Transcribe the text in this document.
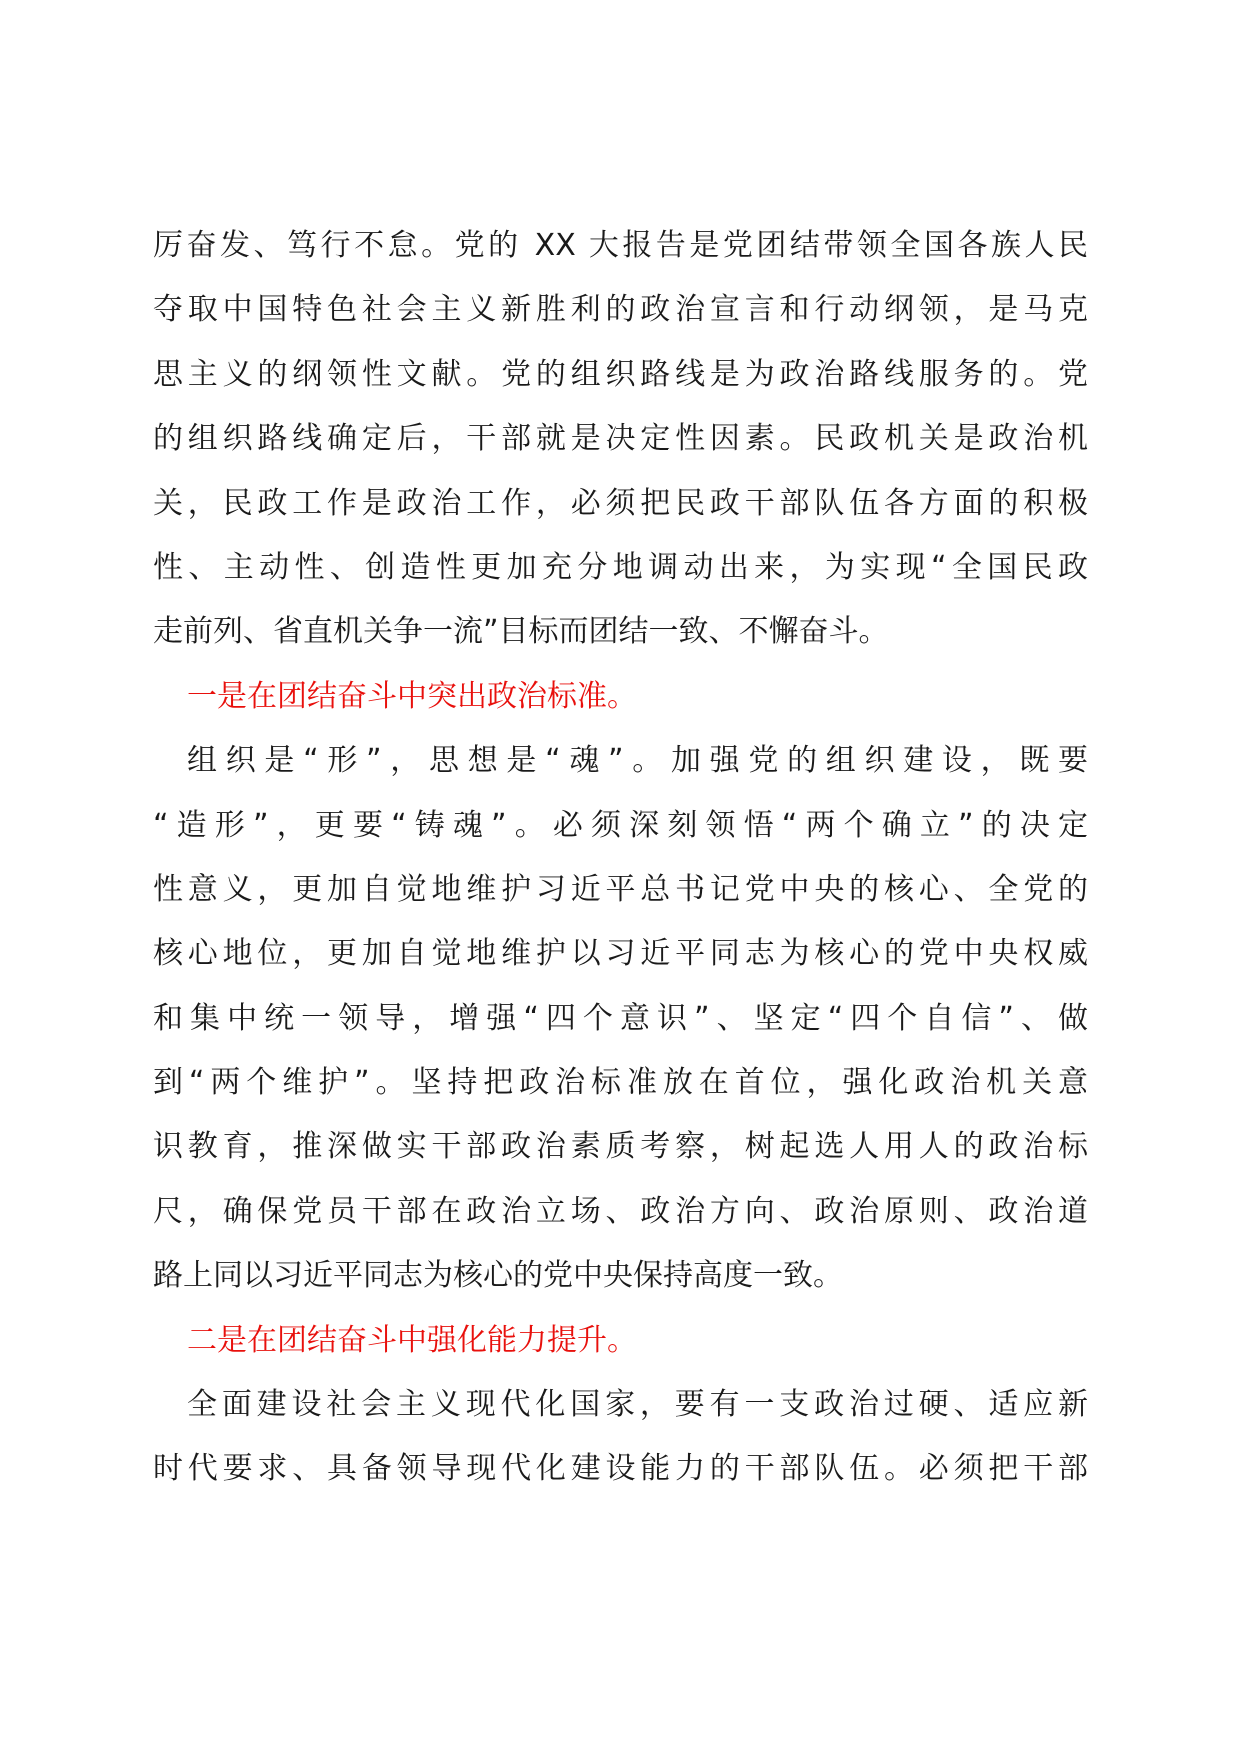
厉奋发、笃行不怠。党的 XX 大报告是党团结带领全国各族人民
夺取中国特色社会主义新胜利的政治宣言和行动纲领，是马克
思主义的纲领性文献。党的组织路线是为政治路线服务的。党
的组织路线确定后，干部就是决定性因素。民政机关是政治机
关，民政工作是政治工作，必须把民政干部队伍各方面的积极
性、主动性、创造性更加充分地调动出来，为实现“全国民政
走前列、省直机关争一流”目标而团结一致、不懈奋斗。
一是在团结奋斗中突出政治标准。
组织是“形”，思想是“魂”。加强党的组织建设，既要
“造形”，更要“铸魂”。必须深刻领悟“两个确立”的决定
性意义，更加自觉地维护习近平总书记党中央的核心、全党的
核心地位，更加自觉地维护以习近平同志为核心的党中央权威
和集中统一领导，增强“四个意识”、坚定“四个自信”、做
到“两个维护”。坚持把政治标准放在首位，强化政治机关意
识教育，推深做实干部政治素质考察，树起选人用人的政治标
尺，确保党员干部在政治立场、政治方向、政治原则、政治道
路上同以习近平同志为核心的党中央保持高度一致。
二是在团结奋斗中强化能力提升。
全面建设社会主义现代化国家，要有一支政治过硬、适应新
时代要求、具备领导现代化建设能力的干部队伍。必须把干部
